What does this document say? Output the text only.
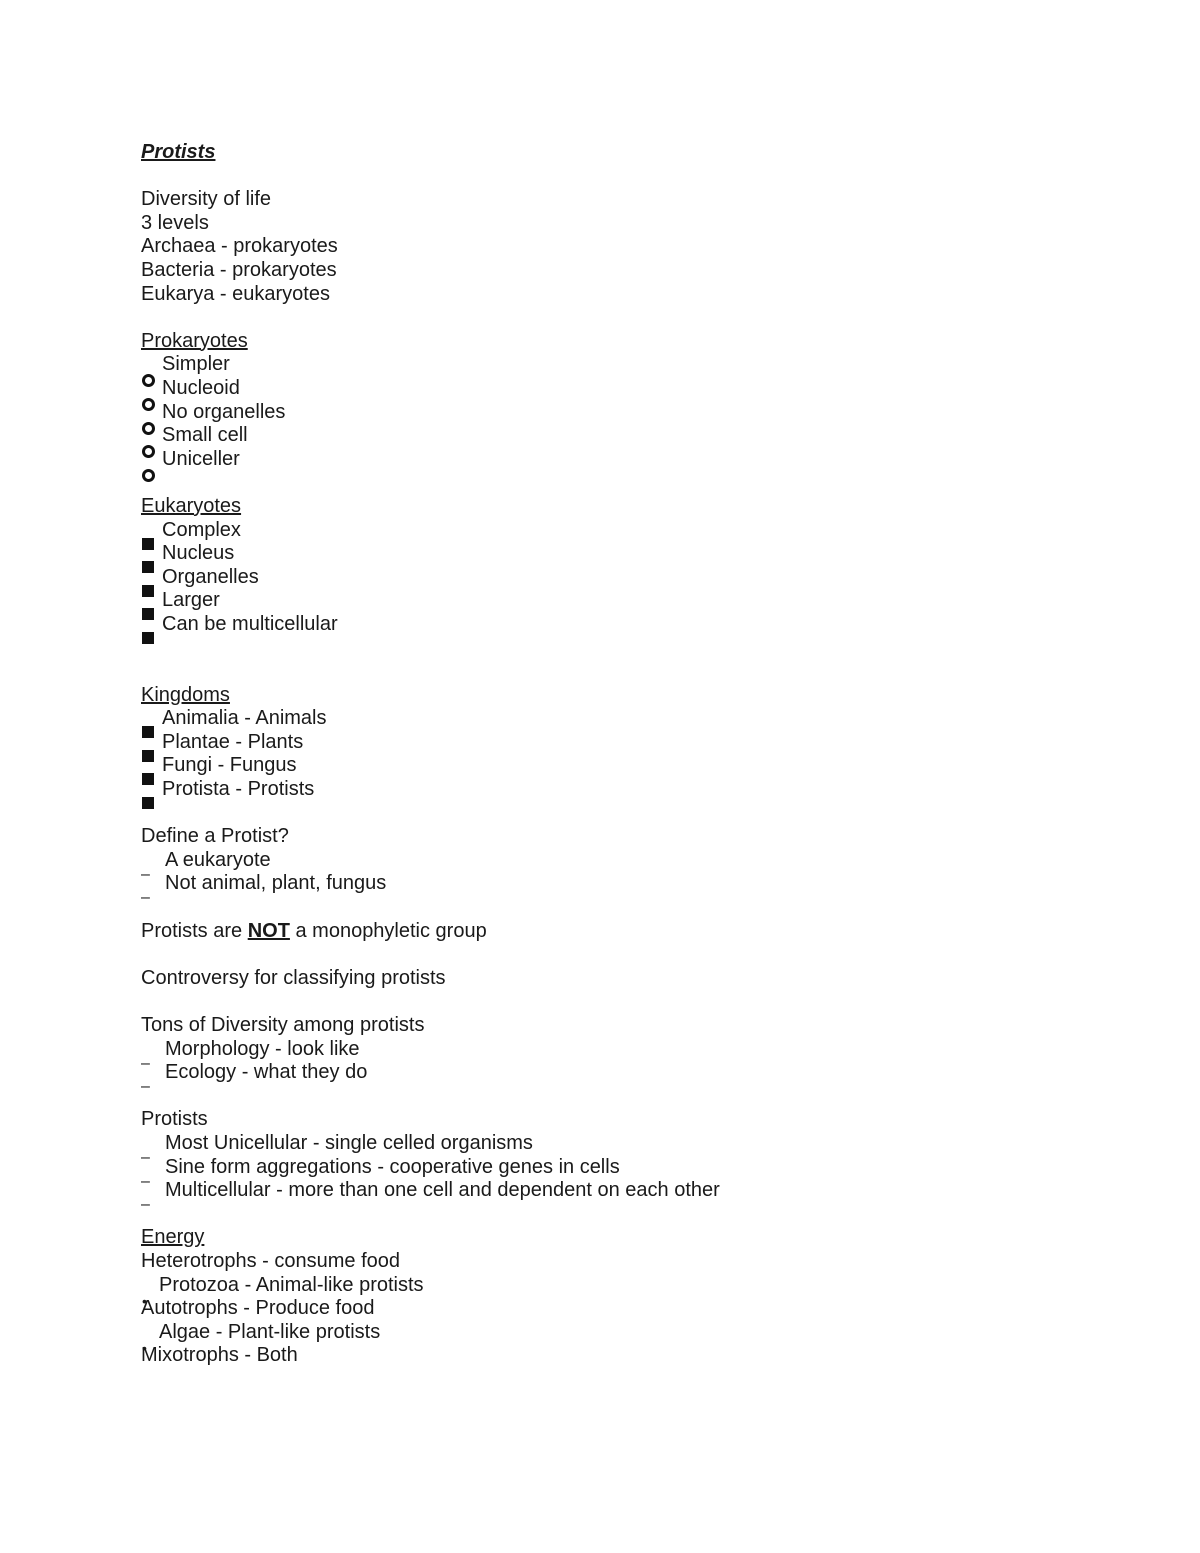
Protists
Diversity of life
3 levels
Archaea - prokaryotes
Bacteria - prokaryotes
Eukarya - eukaryotes
Prokaryotes
Simpler
Nucleoid
No organelles
Small cell
Uniceller
Eukaryotes
Complex
Nucleus
Organelles
Larger
Can be multicellular
Kingdoms
Animalia - Animals
Plantae - Plants
Fungi - Fungus
Protista - Protists
Define a Protist?
A eukaryote
Not animal, plant, fungus
Protists are NOT a monophyletic group
Controversy for classifying protists
Tons of Diversity among protists
Morphology - look like
Ecology - what they do
Protists
Most Unicellular - single celled organisms
Sine form aggregations - cooperative genes in cells
Multicellular - more than one cell and dependent on each other
Energy
Heterotrophs - consume food
Protozoa - Animal-like protists
Autotrophs - Produce food
Algae - Plant-like protists
Mixotrophs - Both
